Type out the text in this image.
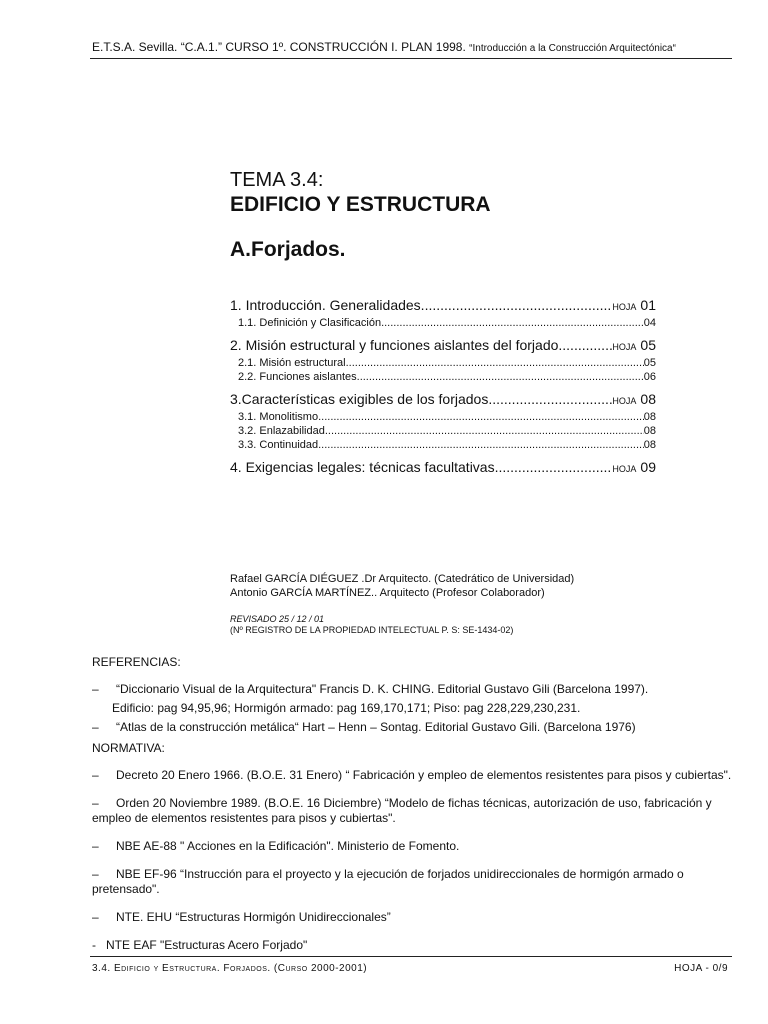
E.T.S.A. Sevilla. “C.A.1.” CURSO 1º. CONSTRUCCIÓN I. PLAN 1998. “Introducción a la Construcción Arquitectónica“
TEMA 3.4:
EDIFICIO Y ESTRUCTURA
A.Forjados.
1. Introducción. Generalidades. .....	HOJA 01
1.1. Definición y Clasificación. .....	04
2. Misión estructural y funciones aislantes del forjado. .....	HOJA 05
2.1. Misión estructural. .....	05
2.2. Funciones aislantes. .....	06
3.Características exigibles de los forjados .....	HOJA 08
3.1. Monolitismo. .....	08
3.2. Enlazabilidad. .....	08
3.3. Continuidad. .....	08
4. Exigencias legales: técnicas facultativas. .....	HOJA 09
Rafael GARCÍA DIÉGUEZ .Dr Arquitecto. (Catedrático de Universidad)
Antonio GARCÍA MARTÍNEZ.. Arquitecto (Profesor Colaborador)
REVISADO 25 / 12 / 01
(Nº REGISTRO DE LA PROPIEDAD INTELECTUAL P. S: SE-1434-02)
REFERENCIAS:
– “Diccionario Visual de la Arquitectura" Francis D. K. CHING. Editorial Gustavo Gili (Barcelona 1997).
Edificio: pag 94,95,96; Hormigón armado: pag 169,170,171; Piso: pag 228,229,230,231.
– “Atlas de la construcción metálica“ Hart – Henn – Sontag. Editorial Gustavo Gili. (Barcelona 1976)
NORMATIVA:
– Decreto 20 Enero 1966. (B.O.E. 31 Enero) “ Fabricación y empleo de elementos resistentes para pisos y cubiertas".
– Orden 20 Noviembre 1989. (B.O.E. 16 Diciembre) “Modelo de fichas técnicas, autorización de uso, fabricación y empleo de elementos resistentes para pisos y cubiertas".
– NBE AE-88 " Acciones en la Edificación". Ministerio de Fomento.
– NBE EF-96 “Instrucción para el proyecto y la ejecución de forjados unidireccionales de hormigón armado o pretensado".
– NTE. EHU “Estructuras Hormigón Unidireccionales”
- NTE EAF "Estructuras Acero Forjado"
3.4. Edificio y Estructura. Forjados. (Curso 2000-2001)	HOJA - 0/9
